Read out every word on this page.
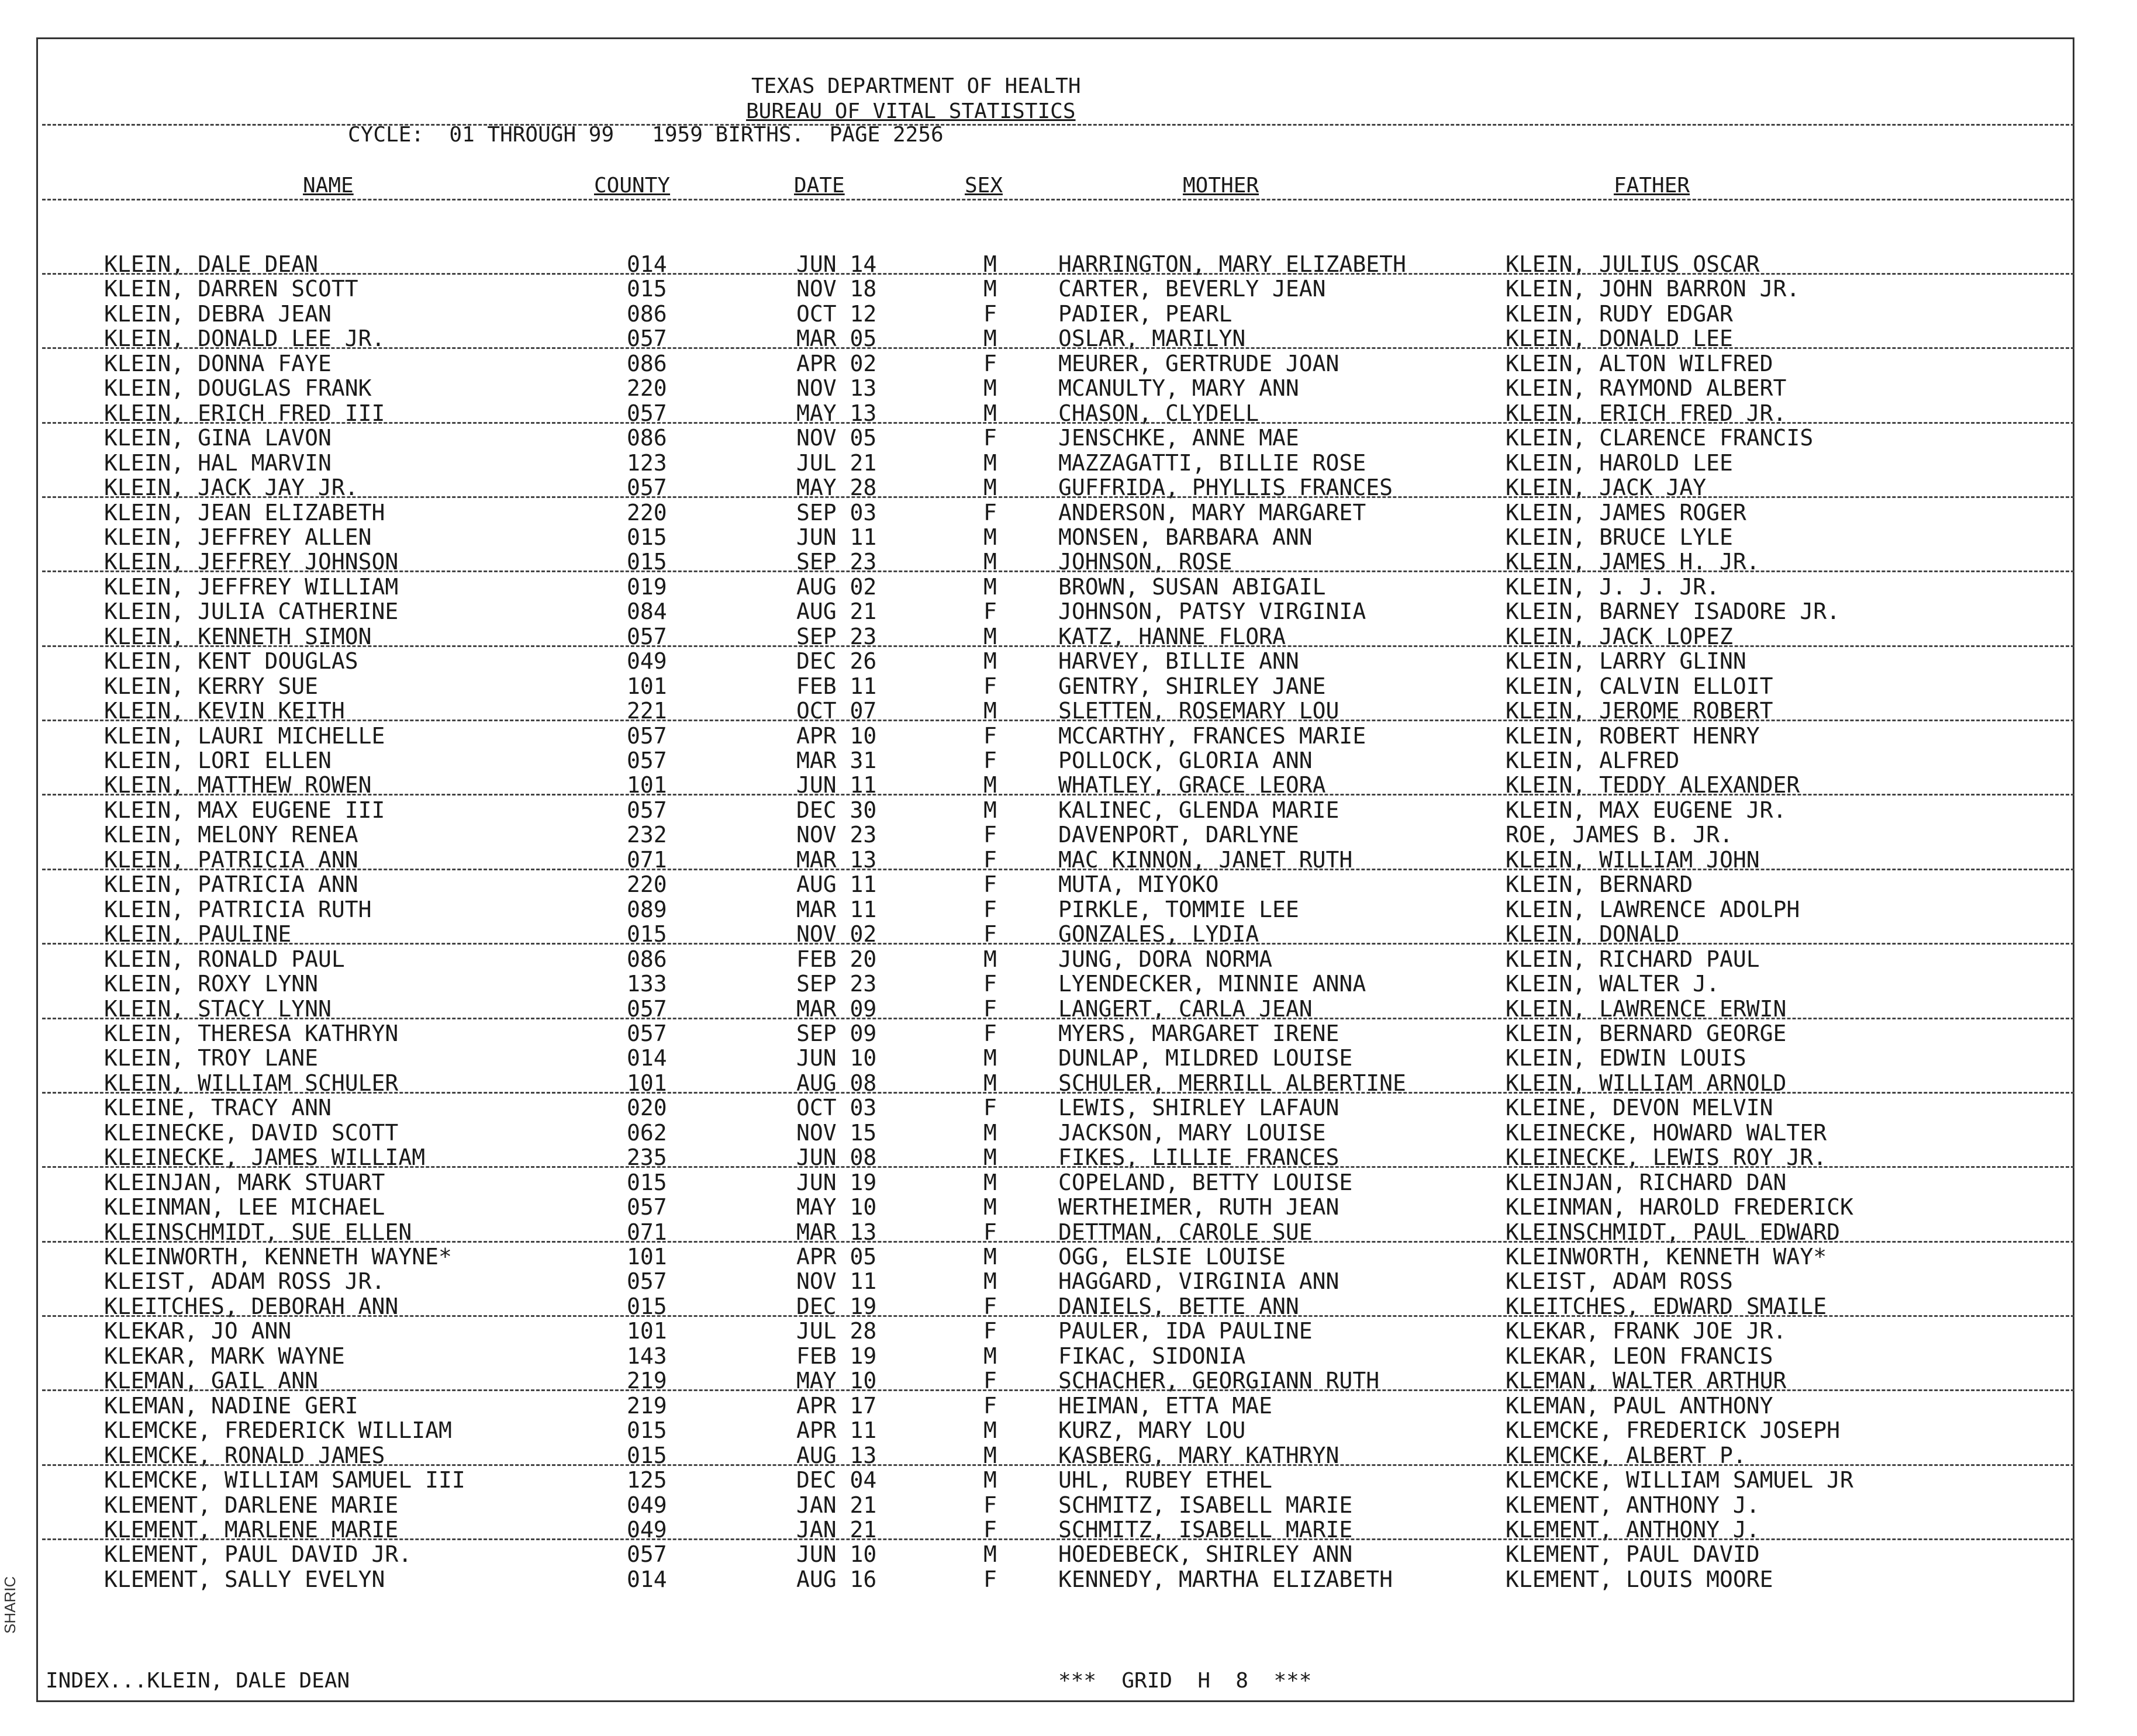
SHARIC
TEXAS DEPARTMENT OF HEALTH
BUREAU OF VITAL STATISTICS
CYCLE:  01 THROUGH 99   1959 BIRTHS.  PAGE 2256
NAME	COUNTY	DATE	SEX	MOTHER	FATHER
KLEIN, DALE DEAN	014	JUN 14	M	HARRINGTON, MARY ELIZABETH	KLEIN, JULIUS OSCAR
KLEIN, DARREN SCOTT	015	NOV 18	M	CARTER, BEVERLY JEAN	KLEIN, JOHN BARRON JR.
KLEIN, DEBRA JEAN	086	OCT 12	F	PADIER, PEARL	KLEIN, RUDY EDGAR
KLEIN, DONALD LEE JR.	057	MAR 05	M	OSLAR, MARILYN	KLEIN, DONALD LEE
KLEIN, DONNA FAYE	086	APR 02	F	MEURER, GERTRUDE JOAN	KLEIN, ALTON WILFRED
KLEIN, DOUGLAS FRANK	220	NOV 13	M	MCANULTY, MARY ANN	KLEIN, RAYMOND ALBERT
KLEIN, ERICH FRED III	057	MAY 13	M	CHASON, CLYDELL	KLEIN, ERICH FRED JR.
KLEIN, GINA LAVON	086	NOV 05	F	JENSCHKE, ANNE MAE	KLEIN, CLARENCE FRANCIS
KLEIN, HAL MARVIN	123	JUL 21	M	MAZZAGATTI, BILLIE ROSE	KLEIN, HAROLD LEE
KLEIN, JACK JAY JR.	057	MAY 28	M	GUFFRIDA, PHYLLIS FRANCES	KLEIN, JACK JAY
KLEIN, JEAN ELIZABETH	220	SEP 03	F	ANDERSON, MARY MARGARET	KLEIN, JAMES ROGER
KLEIN, JEFFREY ALLEN	015	JUN 11	M	MONSEN, BARBARA ANN	KLEIN, BRUCE LYLE
KLEIN, JEFFREY JOHNSON	015	SEP 23	M	JOHNSON, ROSE	KLEIN, JAMES H. JR.
KLEIN, JEFFREY WILLIAM	019	AUG 02	M	BROWN, SUSAN ABIGAIL	KLEIN, J. J. JR.
KLEIN, JULIA CATHERINE	084	AUG 21	F	JOHNSON, PATSY VIRGINIA	KLEIN, BARNEY ISADORE JR.
KLEIN, KENNETH SIMON	057	SEP 23	M	KATZ, HANNE FLORA	KLEIN, JACK LOPEZ
KLEIN, KENT DOUGLAS	049	DEC 26	M	HARVEY, BILLIE ANN	KLEIN, LARRY GLINN
KLEIN, KERRY SUE	101	FEB 11	F	GENTRY, SHIRLEY JANE	KLEIN, CALVIN ELLOIT
KLEIN, KEVIN KEITH	221	OCT 07	M	SLETTEN, ROSEMARY LOU	KLEIN, JEROME ROBERT
KLEIN, LAURI MICHELLE	057	APR 10	F	MCCARTHY, FRANCES MARIE	KLEIN, ROBERT HENRY
KLEIN, LORI ELLEN	057	MAR 31	F	POLLOCK, GLORIA ANN	KLEIN, ALFRED
KLEIN, MATTHEW ROWEN	101	JUN 11	M	WHATLEY, GRACE LEORA	KLEIN, TEDDY ALEXANDER
KLEIN, MAX EUGENE III	057	DEC 30	M	KALINEC, GLENDA MARIE	KLEIN, MAX EUGENE JR.
KLEIN, MELONY RENEA	232	NOV 23	F	DAVENPORT, DARLYNE	ROE, JAMES B. JR.
KLEIN, PATRICIA ANN	071	MAR 13	F	MAC KINNON, JANET RUTH	KLEIN, WILLIAM JOHN
KLEIN, PATRICIA ANN	220	AUG 11	F	MUTA, MIYOKO	KLEIN, BERNARD
KLEIN, PATRICIA RUTH	089	MAR 11	F	PIRKLE, TOMMIE LEE	KLEIN, LAWRENCE ADOLPH
KLEIN, PAULINE	015	NOV 02	F	GONZALES, LYDIA	KLEIN, DONALD
KLEIN, RONALD PAUL	086	FEB 20	M	JUNG, DORA NORMA	KLEIN, RICHARD PAUL
KLEIN, ROXY LYNN	133	SEP 23	F	LYENDECKER, MINNIE ANNA	KLEIN, WALTER J.
KLEIN, STACY LYNN	057	MAR 09	F	LANGERT, CARLA JEAN	KLEIN, LAWRENCE ERWIN
KLEIN, THERESA KATHRYN	057	SEP 09	F	MYERS, MARGARET IRENE	KLEIN, BERNARD GEORGE
KLEIN, TROY LANE	014	JUN 10	M	DUNLAP, MILDRED LOUISE	KLEIN, EDWIN LOUIS
KLEIN, WILLIAM SCHULER	101	AUG 08	M	SCHULER, MERRILL ALBERTINE	KLEIN, WILLIAM ARNOLD
KLEINE, TRACY ANN	020	OCT 03	F	LEWIS, SHIRLEY LAFAUN	KLEINE, DEVON MELVIN
KLEINECKE, DAVID SCOTT	062	NOV 15	M	JACKSON, MARY LOUISE	KLEINECKE, HOWARD WALTER
KLEINECKE, JAMES WILLIAM	235	JUN 08	M	FIKES, LILLIE FRANCES	KLEINECKE, LEWIS ROY JR.
KLEINJAN, MARK STUART	015	JUN 19	M	COPELAND, BETTY LOUISE	KLEINJAN, RICHARD DAN
KLEINMAN, LEE MICHAEL	057	MAY 10	M	WERTHEIMER, RUTH JEAN	KLEINMAN, HAROLD FREDERICK
KLEINSCHMIDT, SUE ELLEN	071	MAR 13	F	DETTMAN, CAROLE SUE	KLEINSCHMIDT, PAUL EDWARD
KLEINWORTH, KENNETH WAYNE*	101	APR 05	M	OGG, ELSIE LOUISE	KLEINWORTH, KENNETH WAY*
KLEIST, ADAM ROSS JR.	057	NOV 11	M	HAGGARD, VIRGINIA ANN	KLEIST, ADAM ROSS
KLEITCHES, DEBORAH ANN	015	DEC 19	F	DANIELS, BETTE ANN	KLEITCHES, EDWARD SMAILE
KLEKAR, JO ANN	101	JUL 28	F	PAULER, IDA PAULINE	KLEKAR, FRANK JOE JR.
KLEKAR, MARK WAYNE	143	FEB 19	M	FIKAC, SIDONIA	KLEKAR, LEON FRANCIS
KLEMAN, GAIL ANN	219	MAY 10	F	SCHACHER, GEORGIANN RUTH	KLEMAN, WALTER ARTHUR
KLEMAN, NADINE GERI	219	APR 17	F	HEIMAN, ETTA MAE	KLEMAN, PAUL ANTHONY
KLEMCKE, FREDERICK WILLIAM	015	APR 11	M	KURZ, MARY LOU	KLEMCKE, FREDERICK JOSEPH
KLEMCKE, RONALD JAMES	015	AUG 13	M	KASBERG, MARY KATHRYN	KLEMCKE, ALBERT P.
KLEMCKE, WILLIAM SAMUEL III	125	DEC 04	M	UHL, RUBEY ETHEL	KLEMCKE, WILLIAM SAMUEL JR
KLEMENT, DARLENE MARIE	049	JAN 21	F	SCHMITZ, ISABELL MARIE	KLEMENT, ANTHONY J.
KLEMENT, MARLENE MARIE	049	JAN 21	F	SCHMITZ, ISABELL MARIE	KLEMENT, ANTHONY J.
KLEMENT, PAUL DAVID JR.	057	JUN 10	M	HOEDEBECK, SHIRLEY ANN	KLEMENT, PAUL DAVID
KLEMENT, SALLY EVELYN	014	AUG 16	F	KENNEDY, MARTHA ELIZABETH	KLEMENT, LOUIS MOORE
INDEX...KLEIN, DALE DEAN	***  GRID  H  8  ***
